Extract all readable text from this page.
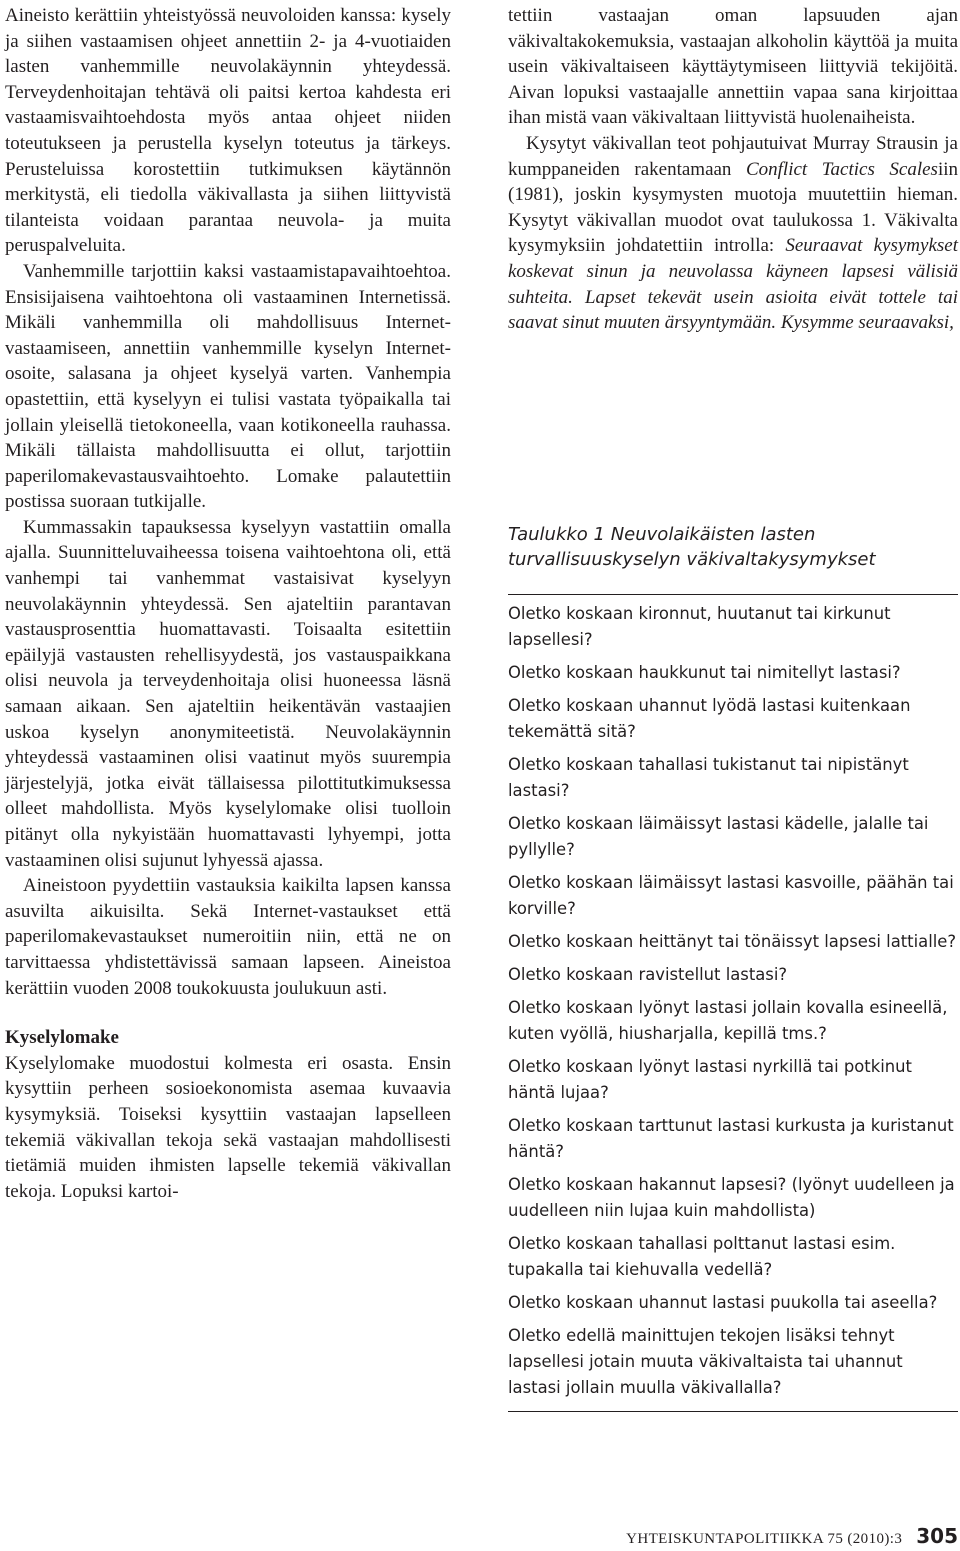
Aineisto kerättiin yhteistyössä neuvoloiden kanssa: kysely ja siihen vastaamisen ohjeet annettiin 2- ja 4-vuotiaiden lasten vanhemmille neuvolakäynnin yhteydessä. Terveydenhoitajan tehtävä oli paitsi kertoa kahdesta eri vastaamisvaihtoehdosta myös antaa ohjeet niiden toteutukseen ja perustella kyselyn toteutus ja tärkeys. Perusteluissa korostettiin tutkimuksen käytännön merkitystä, eli tiedolla väkivallasta ja siihen liittyvistä tilanteista voidaan parantaa neuvola- ja muita peruspalveluita.

Vanhemmille tarjottiin kaksi vastaamistapavaihtoehtoa. Ensisijaisena vaihtoehtona oli vastaaminen Internetissä. Mikäli vanhemmilla oli mahdollisuus Internet-vastaamiseen, annettiin vanhemmille kyselyn Internet-osoite, salasana ja ohjeet kyselyä varten. Vanhempia opastettiin, että kyselyyn ei tulisi vastata työpaikalla tai jollain yleisellä tietokoneella, vaan kotikoneella rauhassa. Mikäli tällaista mahdollisuutta ei ollut, tarjottiin paperilomakevastausvaihtoehto. Lomake palautettiin postissa suoraan tutkijalle.

Kummassakin tapauksessa kyselyyn vastattiin omalla ajalla. Suunnitteluvaiheessa toisena vaihtoehtona oli, että vanhempi tai vanhemmat vastaisivat kyselyyn neuvolakäynnin yhteydessä. Sen ajateltiin parantavan vastausprosenttia huomattavasti. Toisaalta esitettiin epäilyjä vastausten rehellisyydestä, jos vastauspaikkana olisi neuvola ja terveydenhoitaja olisi huoneessa läsnä samaan aikaan. Sen ajateltiin heikentävän vastaajien uskoa kyselyn anonymiteetistä. Neuvolakäynnin yhteydessä vastaaminen olisi vaatinut myös suurempia järjestelyjä, jotka eivät tällaisessa pilottitutkimuksessa olleet mahdollista. Myös kyselylomake olisi tuolloin pitänyt olla nykyistään huomattavasti lyhyempi, jotta vastaaminen olisi sujunut lyhyessä ajassa.

Aineistoon pyydettiin vastauksia kaikilta lapsen kanssa asuvilta aikuisilta. Sekä Internet-vastaukset että paperilomakevastaukset numeroitiin niin, että ne on tarvittaessa yhdistettävissä samaan lapseen. Aineistoa kerättiin vuoden 2008 toukokuusta joulukuun asti.

Kyselylomake

Kyselylomake muodostui kolmesta eri osasta. Ensin kysyttiin perheen sosioekonomista asemaa kuvaavia kysymyksiä. Toiseksi kysyttiin vastaajan lapselleen tekemiä väkivallan tekoja sekä vastaajan mahdollisesti tietämiä muiden ihmisten lapselle tekemiä väkivallan tekoja. Lopuksi kartoi-

tettiin vastaajan oman lapsuuden ajan väkivaltakokemuksia, vastaajan alkoholin käyttöä ja muita usein väkivaltaiseen käyttäytymiseen liittyviä tekijöitä. Aivan lopuksi vastaajalle annettiin vapaa sana kirjoittaa ihan mistä vaan väkivaltaan liittyvistä huolenaiheista.

Kysytyt väkivallan teot pohjautuivat Murray Strausin ja kumppaneiden rakentamaan Conflict Tactics Scalesiin (1981), joskin kysymysten muotoja muutettiin hieman. Kysytyt väkivallan muodot ovat taulukossa 1. Väkivalta kysymyksiin johdatettiin introlla: Seuraavat kysymykset koskevat sinun ja neuvolassa käyneen lapsesi välisiä suhteita. Lapset tekevät usein asioita eivät tottele tai saavat sinut muuten ärsyyntymään. Kysymme seuraavaksi,

Taulukko 1 Neuvolaikäisten lasten turvallisuuskyselyn väkivaltakysymykset

Oletko koskaan kironnut, huutanut tai kirkunut lapsellesi?
Oletko koskaan haukkunut tai nimitellyt lastasi?
Oletko koskaan uhannut lyödä lastasi kuitenkaan tekemättä sitä?
Oletko koskaan tahallasi tukistanut tai nipistänyt lastasi?
Oletko koskaan läimäissyt lastasi kädelle, jalalle tai pyllylle?
Oletko koskaan läimäissyt lastasi kasvoille, päähän tai korville?
Oletko koskaan heittänyt tai tönäissyt lapsesi lattialle?
Oletko koskaan ravistellut lastasi?
Oletko koskaan lyönyt lastasi jollain kovalla esineellä, kuten vyöllä, hiusharjalla, kepillä tms.?
Oletko koskaan lyönyt lastasi nyrkillä tai potkinut häntä lujaa?
Oletko koskaan tarttunut lastasi kurkusta ja kuristanut häntä?
Oletko koskaan hakannut lapsesi? (lyönyt uudelleen ja uudelleen niin lujaa kuin mahdollista)
Oletko koskaan tahallasi polttanut lastasi esim. tupakalla tai kiehuvalla vedellä?
Oletko koskaan uhannut lastasi puukolla tai aseella?
Oletko edellä mainittujen tekojen lisäksi tehnyt lapsellesi jotain muuta väkivaltaista tai uhannut lastasi jollain muulla väkivallalla?
YHTEISKUNTAPOLITIIKKA 75 (2010):3 305
